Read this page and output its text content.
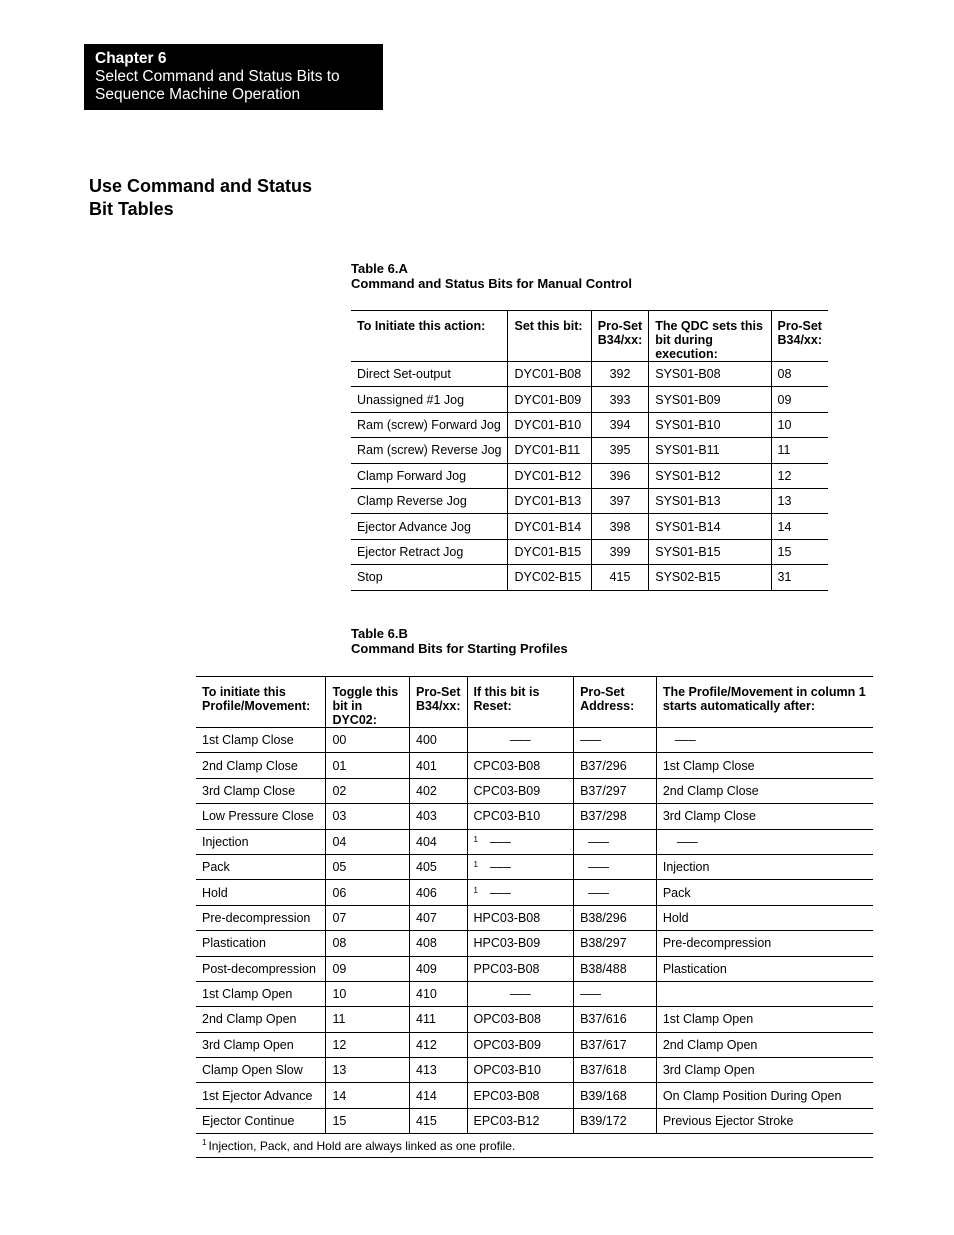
Chapter 6
Select Command and Status Bits to Sequence Machine Operation
Use Command and Status Bit Tables
Table 6.A
Command and Status Bits for Manual Control
To Initiate this action:	Set this bit:	Pro-Set B34/xx:	The QDC sets this bit during execution:	Pro-Set B34/xx:
Direct Set-output	DYC01-B08	392	SYS01-B08	08
Unassigned #1 Jog	DYC01-B09	393	SYS01-B09	09
Ram (screw) Forward Jog	DYC01-B10	394	SYS01-B10	10
Ram (screw) Reverse Jog	DYC01-B11	395	SYS01-B11	11
Clamp Forward Jog	DYC01-B12	396	SYS01-B12	12
Clamp Reverse Jog	DYC01-B13	397	SYS01-B13	13
Ejector Advance Jog	DYC01-B14	398	SYS01-B14	14
Ejector Retract Jog	DYC01-B15	399	SYS01-B15	15
Stop	DYC02-B15	415	SYS02-B15	31
Table 6.B
Command Bits for Starting Profiles
To initiate this Profile/Movement:	Toggle this bit in DYC02:	Pro-Set B34/xx:	If this bit is Reset:	Pro-Set Address:	The Profile/Movement in column 1 starts automatically after:
1st Clamp Close	00	400	–––	–––	–––
2nd Clamp Close	01	401	CPC03-B08	B37/296	1st Clamp Close
3rd Clamp Close	02	402	CPC03-B09	B37/297	2nd Clamp Close
Low Pressure Close	03	403	CPC03-B10	B37/298	3rd Clamp Close
Injection	04	404	$^1$ –––	–––	–––
Pack	05	405	$^1$ –––	–––	Injection
Hold	06	406	$^1$ –––	–––	Pack
Pre-decompression	07	407	HPC03-B08	B38/296	Hold
Plastication	08	408	HPC03-B09	B38/297	Pre-decompression
Post-decompression	09	409	PPC03-B08	B38/488	Plastication
1st Clamp Open	10	410	–––	–––	
2nd Clamp Open	11	411	OPC03-B08	B37/616	1st Clamp Open
3rd Clamp Open	12	412	OPC03-B09	B37/617	2nd Clamp Open
Clamp Open Slow	13	413	OPC03-B10	B37/618	3rd Clamp Open
1st Ejector Advance	14	414	EPC03-B08	B39/168	On Clamp Position During Open
Ejector Continue	15	415	EPC03-B12	B39/172	Previous Ejector Stroke
$^1$ Injection, Pack, and Hold are always linked as one profile.					
